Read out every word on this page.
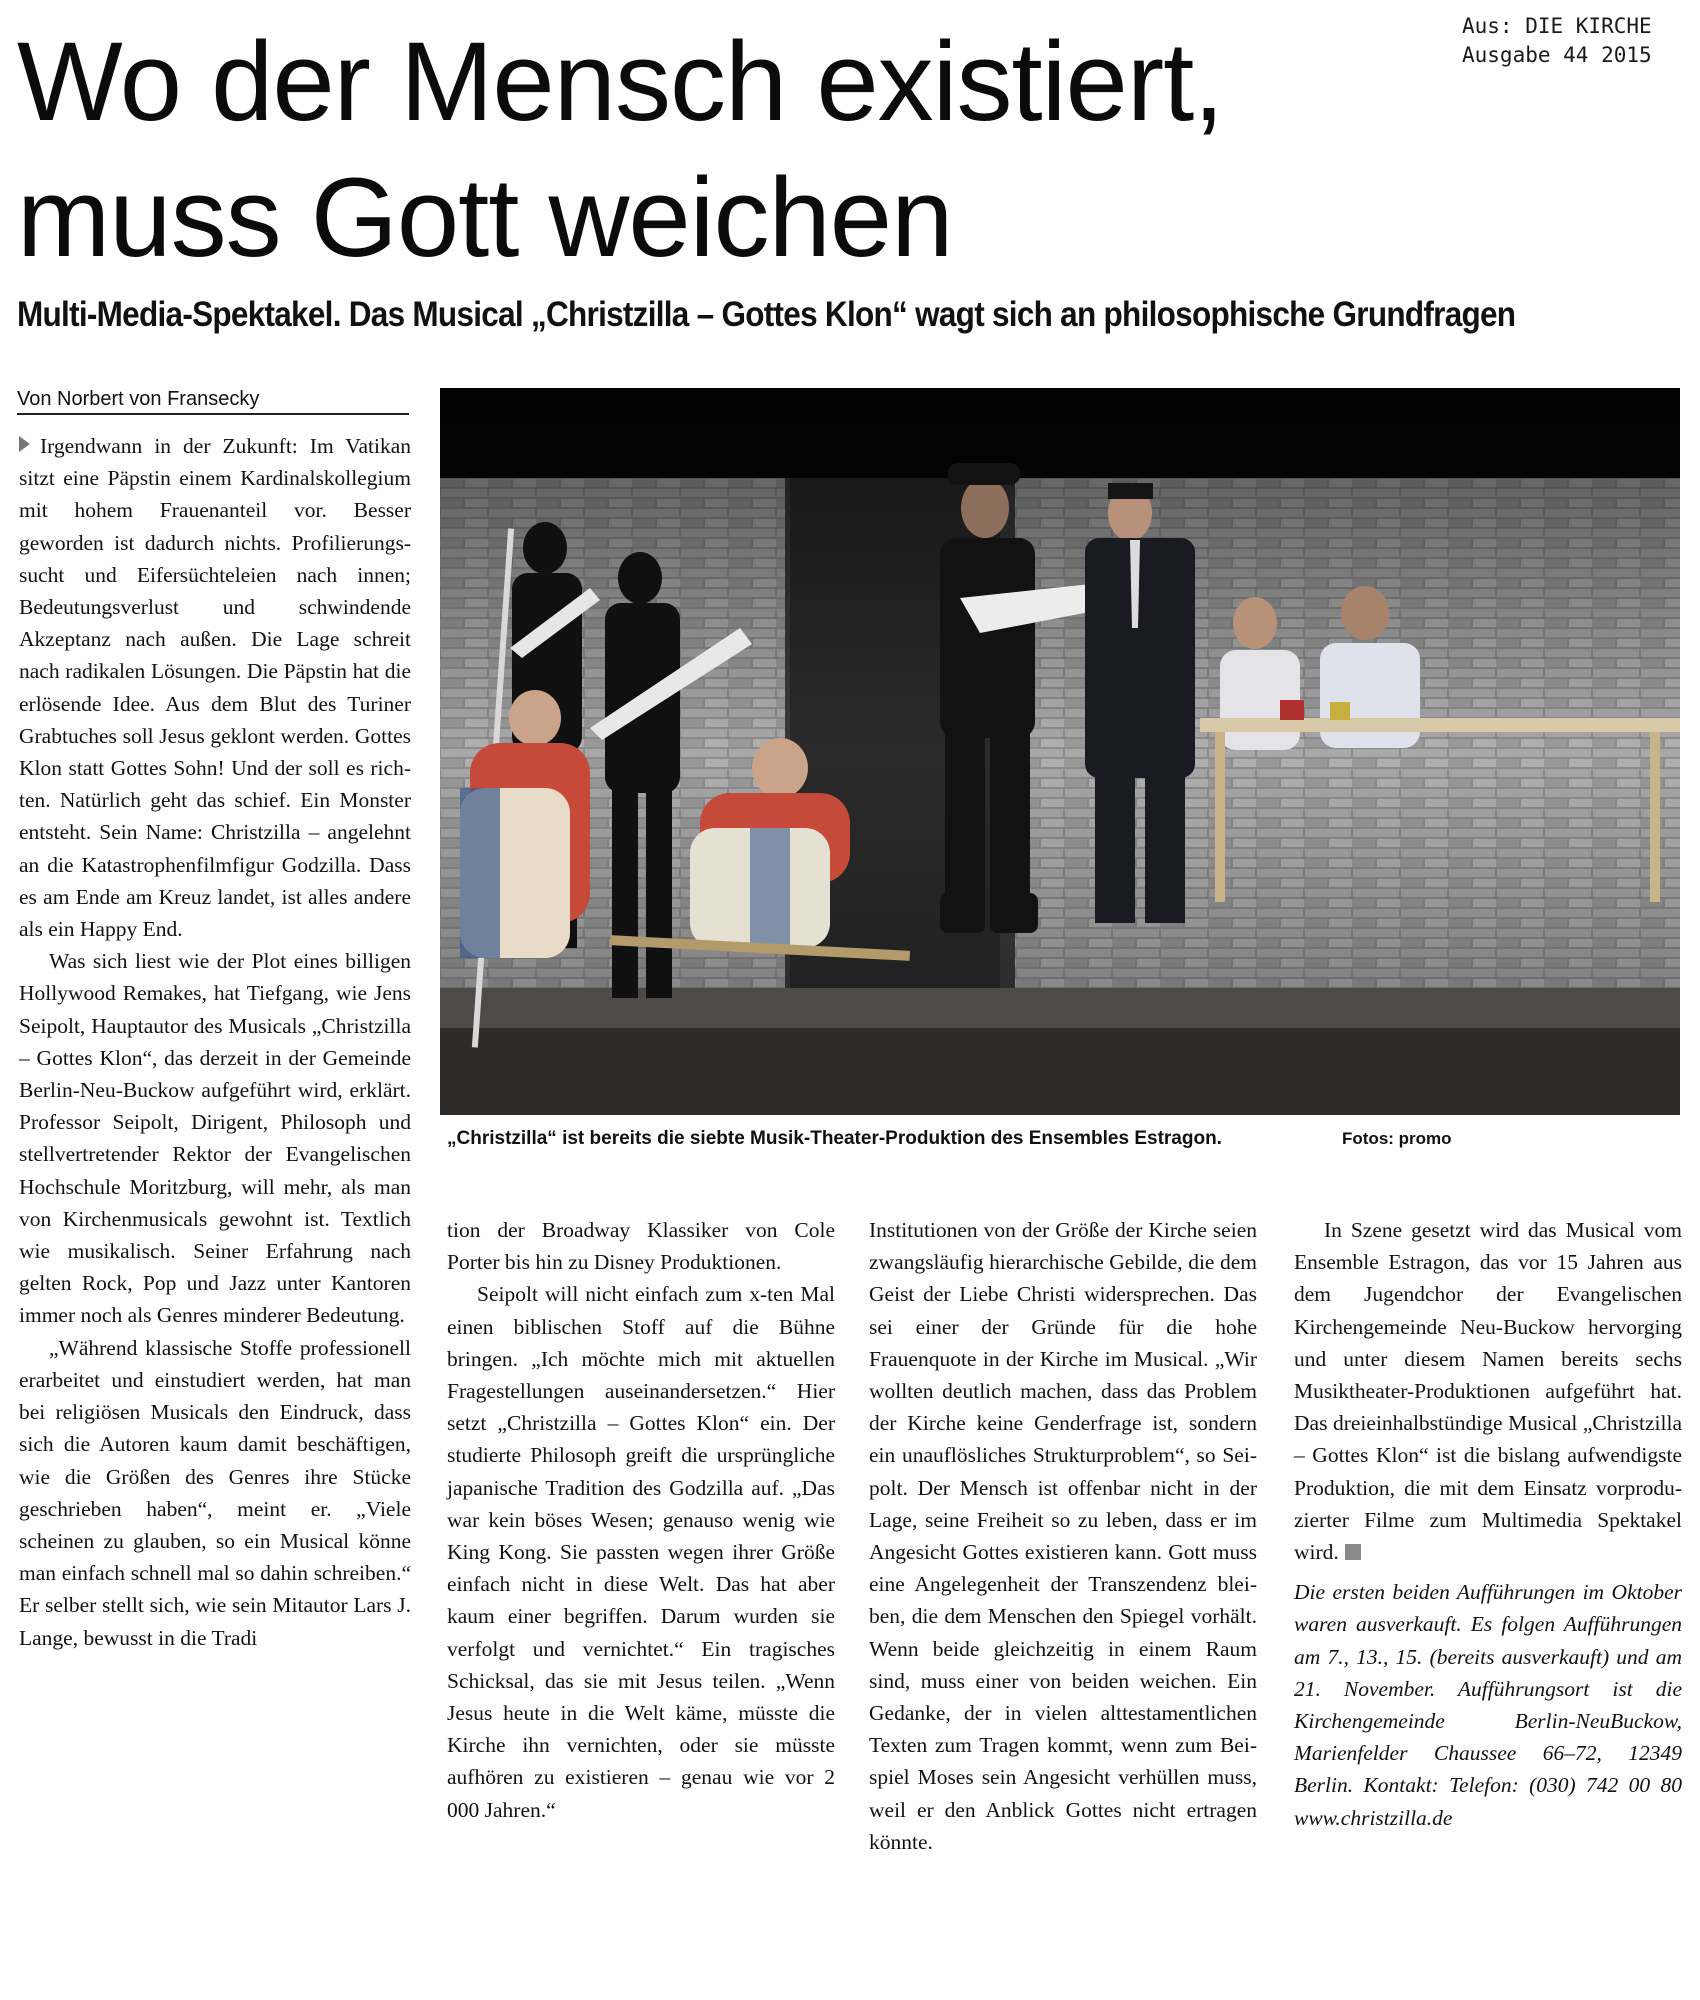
Aus: DIE KIRCHE
Ausgabe 44 2015
Wo der Mensch existiert,
muss Gott weichen
Multi-Media-Spektakel. Das Musical „Christzilla – Gottes Klon“ wagt sich an philosophische Grundfragen
Von Norbert von Fransecky

Irgendwann in der Zukunft: Im Vatikan sitzt eine Päpstin einem Kardinalskollegium mit hohem Frauenanteil vor. Besser geworden ist dadurch nichts. Profilierungssucht und Eifersüchteleien nach innen; Bedeutungsverlust und schwindende Akzeptanz nach außen. Die Lage schreit nach radikalen Lösungen. Die Päpstin hat die erlösende Idee. Aus dem Blut des Turiner Grabtuches soll Jesus geklont werden. Gottes Klon statt Gottes Sohn! Und der soll es richten. Natürlich geht das schief. Ein Monster entsteht. Sein Name: Christzilla – angelehnt an die Katastrophenfilmfigur Godzilla. Dass es am Ende am Kreuz landet, ist alles andere als ein Happy End.

Was sich liest wie der Plot eines billigen Hollywood Remakes, hat Tiefgang, wie Jens Seipolt, Hauptautor des Musicals „Christzilla – Gottes Klon“, das derzeit in der Gemeinde Berlin-Neu-Buckow aufgeführt wird, erklärt. Professor Seipolt, Dirigent, Philosoph und stellvertretender Rektor der Evangelischen Hochschule Moritzburg, will mehr, als man von Kirchenmusicals gewohnt ist. Textlich wie musikalisch. Seiner Erfahrung nach gelten Rock, Pop und Jazz unter Kantoren immer noch als Genres minderer Bedeutung.

„Während klassische Stoffe professionell erarbeitet und einstudiert werden, hat man bei religiösen Musicals den Eindruck, dass sich die Autoren kaum damit beschäftigen, wie die Größen des Genres ihre Stücke geschrieben haben“, meint er. „Viele scheinen zu glauben, so ein Musical könne man einfach schnell mal so dahin schreiben.“ Er selber stellt sich, wie sein Mitautor Lars J. Lange, bewusst in die Tradi

„Christzilla“ ist bereits die siebte Musik-Theater-Produktion des Ensembles Estragon.	Fotos: promo

tion der Broadway Klassiker von Cole Porter bis hin zu Disney Produktionen.

Seipolt will nicht einfach zum x-ten Mal einen biblischen Stoff auf die Bühne bringen. „Ich möchte mich mit aktuellen Fragestellungen auseinandersetzen.“ Hier setzt „Christzilla – Gottes Klon“ ein. Der studierte Philosoph greift die ursprüngliche japanische Tradition des Godzilla auf. „Das war kein böses Wesen; genauso wenig wie King Kong. Sie passten wegen ihrer Größe einfach nicht in diese Welt. Das hat aber kaum einer begriffen. Darum wurden sie verfolgt und vernichtet.“ Ein tragisches Schicksal, das sie mit Jesus teilen. „Wenn Jesus heute in die Welt käme, müsste die Kirche ihn vernichten, oder sie müsste aufhören zu existieren – genau wie vor 2 000 Jahren.“

Institutionen von der Größe der Kirche seien zwangsläufig hierarchische Gebilde, die dem Geist der Liebe Christi widersprechen. Das sei einer der Gründe für die hohe Frauenquote in der Kirche im Musical. „Wir wollten deutlich machen, dass das Problem der Kirche keine Genderfrage ist, sondern ein unauflösliches Strukturproblem“, so Seipolt. Der Mensch ist offenbar nicht in der Lage, seine Freiheit so zu leben, dass er im Angesicht Gottes existieren kann. Gott muss eine Angelegenheit der Transzendenz bleiben, die dem Menschen den Spiegel vorhält. Wenn beide gleichzeitig in einem Raum sind, muss einer von beiden weichen. Ein Gedanke, der in vielen alttestamentlichen Texten zum Tragen kommt, wenn zum Beispiel Moses sein Angesicht verhüllen muss, weil er den Anblick Gottes nicht ertragen könnte.

In Szene gesetzt wird das Musical vom Ensemble Estragon, das vor 15 Jahren aus dem Jugendchor der Evangelischen Kirchengemeinde Neu-Buckow hervorging und unter diesem Namen bereits sechs Musiktheater-Produktionen aufgeführt hat. Das dreieinhalbstündige Musical „Christzilla – Gottes Klon“ ist die bislang aufwendigste Produktion, die mit dem Einsatz vorproduzierter Filme zum Multimedia Spektakel wird.

Die ersten beiden Aufführungen im Oktober waren ausverkauft. Es folgen Aufführungen am 7., 13., 15. (bereits ausverkauft) und am 21. November. Aufführungsort ist die Kirchengemeinde Berlin-NeuBuckow, Marienfelder Chaussee 66–72, 12349 Berlin. Kontakt: Telefon: (030) 742 00 80 www.christzilla.de
